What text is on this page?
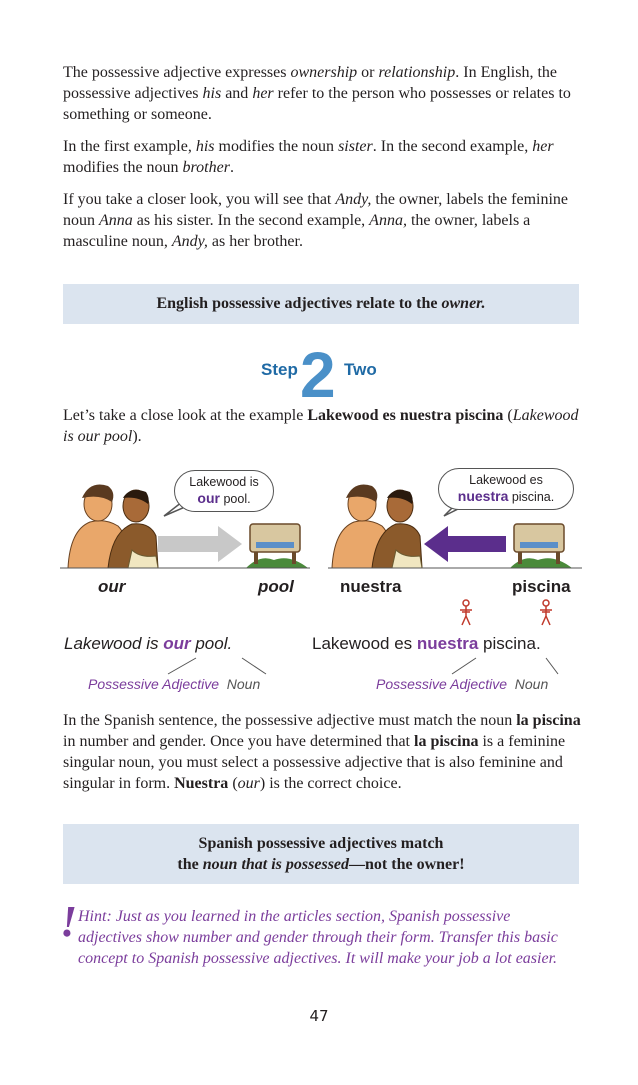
The possessive adjective expresses ownership or relationship. In English, the possessive adjectives his and her refer to the person who possesses or relates to something or someone.

In the first example, his modifies the noun sister. In the second example, her modifies the noun brother.

If you take a closer look, you will see that Andy, the owner, labels the feminine noun Anna as his sister. In the second example, Anna, the owner, labels a masculine noun, Andy, as her brother.

English possessive adjectives relate to the owner.
Step 2 Two

Let’s take a close look at the example Lakewood es nuestra piscina (Lakewood is our pool).

Lakewood is
our pool.
Lakewood es
nuestra piscina.
our	pool	nuestra	piscina
Lakewood is our pool.	Lakewood es nuestra piscina.
Possessive Adjective Noun	Possessive Adjective Noun

In the Spanish sentence, the possessive adjective must match the noun la piscina in number and gender. Once you have determined that la piscina is a feminine singular noun, you must select a possessive adjective that is also feminine and singular in form. Nuestra (our) is the correct choice.

Spanish possessive adjectives match
the noun that is possessed—not the owner!
! Hint: Just as you learned in the articles section, Spanish possessive adjectives show number and gender through their form. Transfer this basic concept to Spanish possessive adjectives. It will make your job a lot easier.

47
